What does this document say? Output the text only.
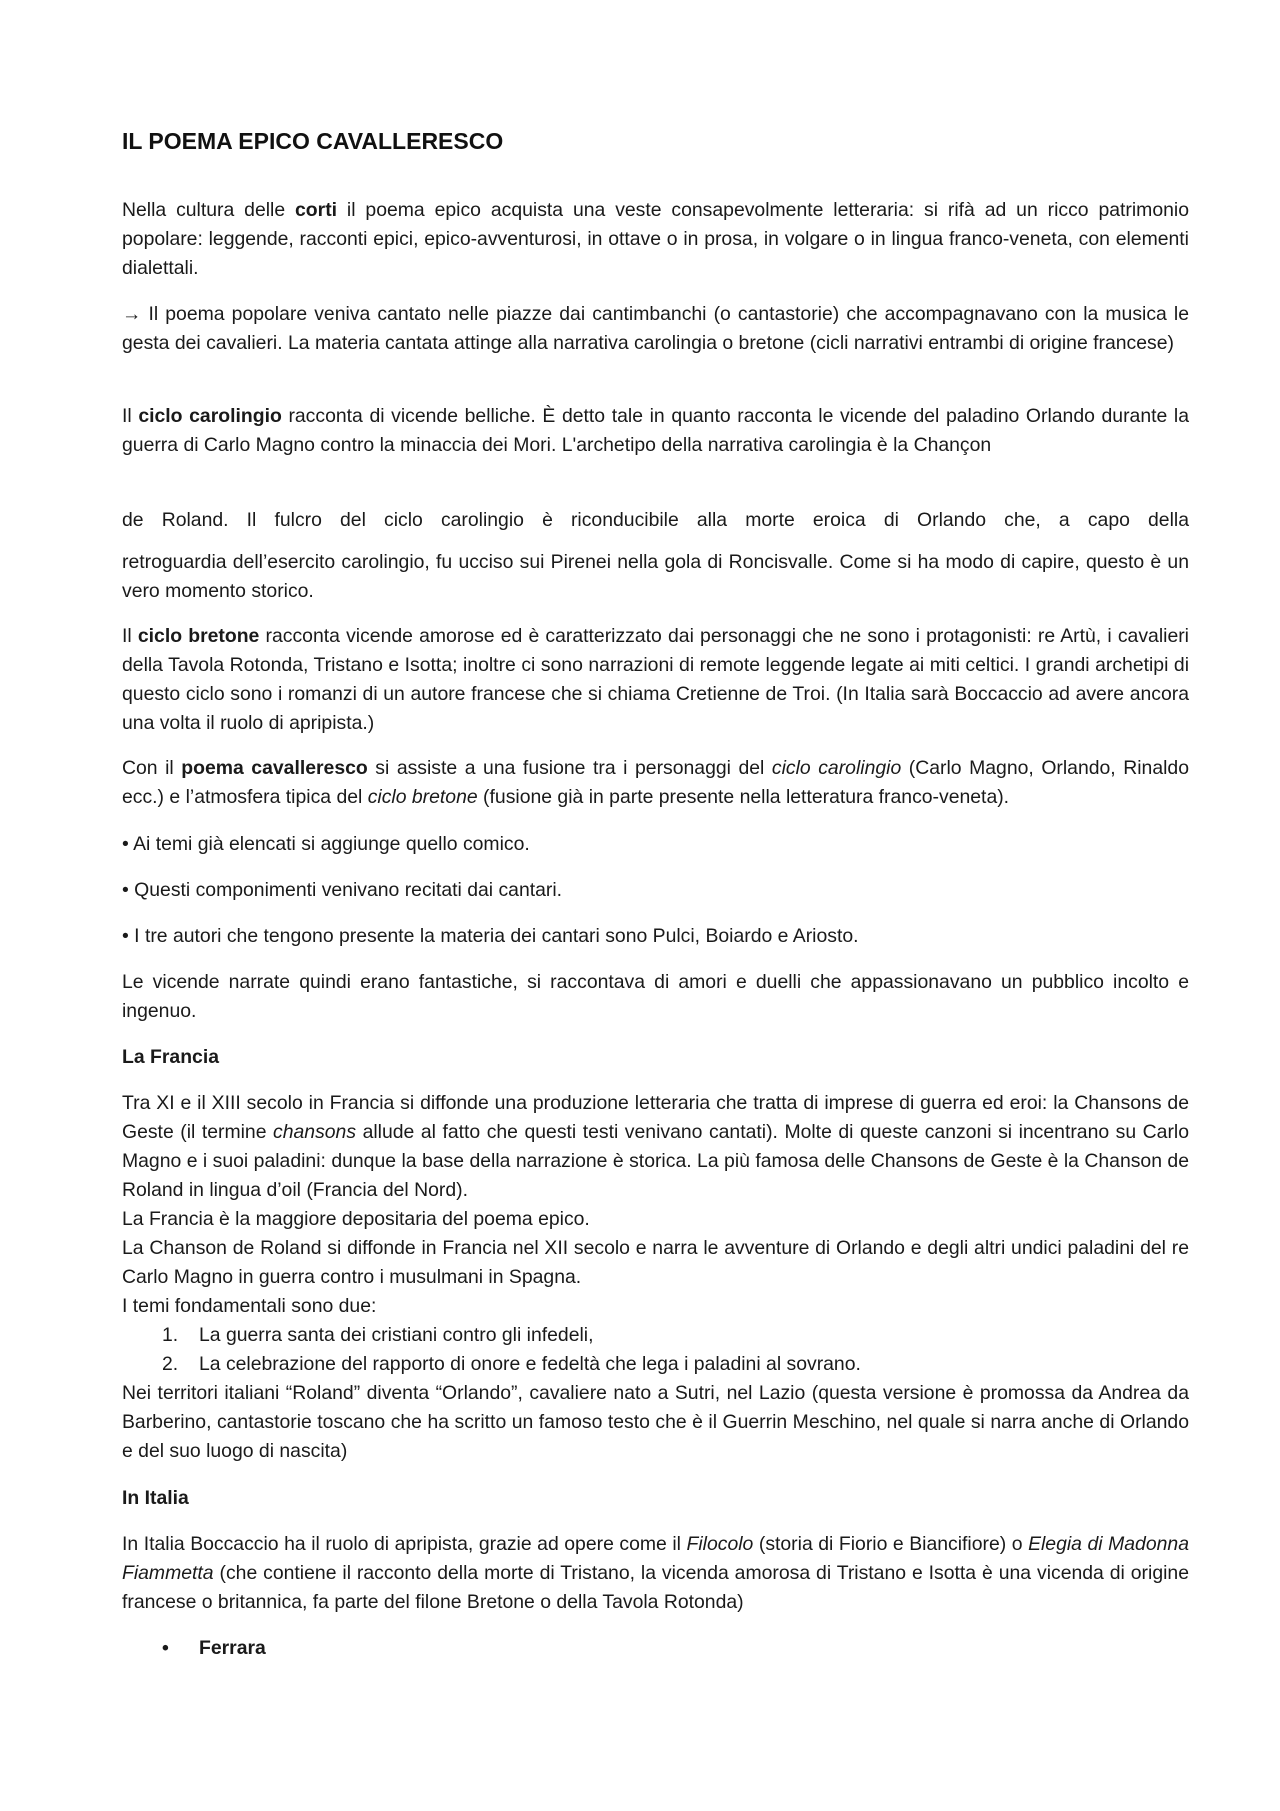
IL POEMA EPICO CAVALLERESCO

Nella cultura delle corti il poema epico acquista una veste consapevolmente letteraria: si rifà ad un ricco patrimonio popolare: leggende, racconti epici, epico-avventurosi, in ottave o in prosa, in volgare o in lingua franco-veneta, con elementi dialettali.

→ Il poema popolare veniva cantato nelle piazze dai cantimbanchi (o cantastorie) che accompagnavano con la musica le gesta dei cavalieri. La materia cantata attinge alla narrativa carolingia o bretone (cicli narrativi entrambi di origine francese)

Il ciclo carolingio racconta di vicende belliche. È detto tale in quanto racconta le vicende del paladino Orlando durante la guerra di Carlo Magno contro la minaccia dei Mori. L'archetipo della narrativa carolingia è la Chançon

de Roland. Il fulcro del ciclo carolingio è riconducibile alla morte eroica di Orlando che, a capo della

retroguardia dell’esercito carolingio, fu ucciso sui Pirenei nella gola di Roncisvalle. Come si ha modo di capire, questo è un vero momento storico.

Il ciclo bretone racconta vicende amorose ed è caratterizzato dai personaggi che ne sono i protagonisti: re Artù, i cavalieri della Tavola Rotonda, Tristano e Isotta; inoltre ci sono narrazioni di remote leggende legate ai miti celtici. I grandi archetipi di questo ciclo sono i romanzi di un autore francese che si chiama Cretienne de Troi. (In Italia sarà Boccaccio ad avere ancora una volta il ruolo di apripista.)

Con il poema cavalleresco si assiste a una fusione tra i personaggi del ciclo carolingio (Carlo Magno, Orlando, Rinaldo ecc.) e l’atmosfera tipica del ciclo bretone (fusione già in parte presente nella letteratura franco-veneta).

• Ai temi già elencati si aggiunge quello comico.

• Questi componimenti venivano recitati dai cantari.

• I tre autori che tengono presente la materia dei cantari sono Pulci, Boiardo e Ariosto.

Le vicende narrate quindi erano fantastiche, si raccontava di amori e duelli che appassionavano un pubblico incolto e ingenuo.

La Francia

Tra XI e il XIII secolo in Francia si diffonde una produzione letteraria che tratta di imprese di guerra ed eroi: la Chansons de Geste (il termine chansons allude al fatto che questi testi venivano cantati). Molte di queste canzoni si incentrano su Carlo Magno e i suoi paladini: dunque la base della narrazione è storica. La più famosa delle Chansons de Geste è la Chanson de Roland in lingua d’oil (Francia del Nord).

La Francia è la maggiore depositaria del poema epico.

La Chanson de Roland si diffonde in Francia nel XII secolo e narra le avventure di Orlando e degli altri undici paladini del re Carlo Magno in guerra contro i musulmani in Spagna.

I temi fondamentali sono due:

1. La guerra santa dei cristiani contro gli infedeli,
2. La celebrazione del rapporto di onore e fedeltà che lega i paladini al sovrano.

Nei territori italiani “Roland” diventa “Orlando”, cavaliere nato a Sutri, nel Lazio (questa versione è promossa da Andrea da Barberino, cantastorie toscano che ha scritto un famoso testo che è il Guerrin Meschino, nel quale si narra anche di Orlando e del suo luogo di nascita)

In Italia

In Italia Boccaccio ha il ruolo di apripista, grazie ad opere come il Filocolo (storia di Fiorio e Biancifiore) o Elegia di Madonna Fiammetta (che contiene il racconto della morte di Tristano, la vicenda amorosa di Tristano e Isotta è una vicenda di origine francese o britannica, fa parte del filone Bretone o della Tavola Rotonda)

• Ferrara
